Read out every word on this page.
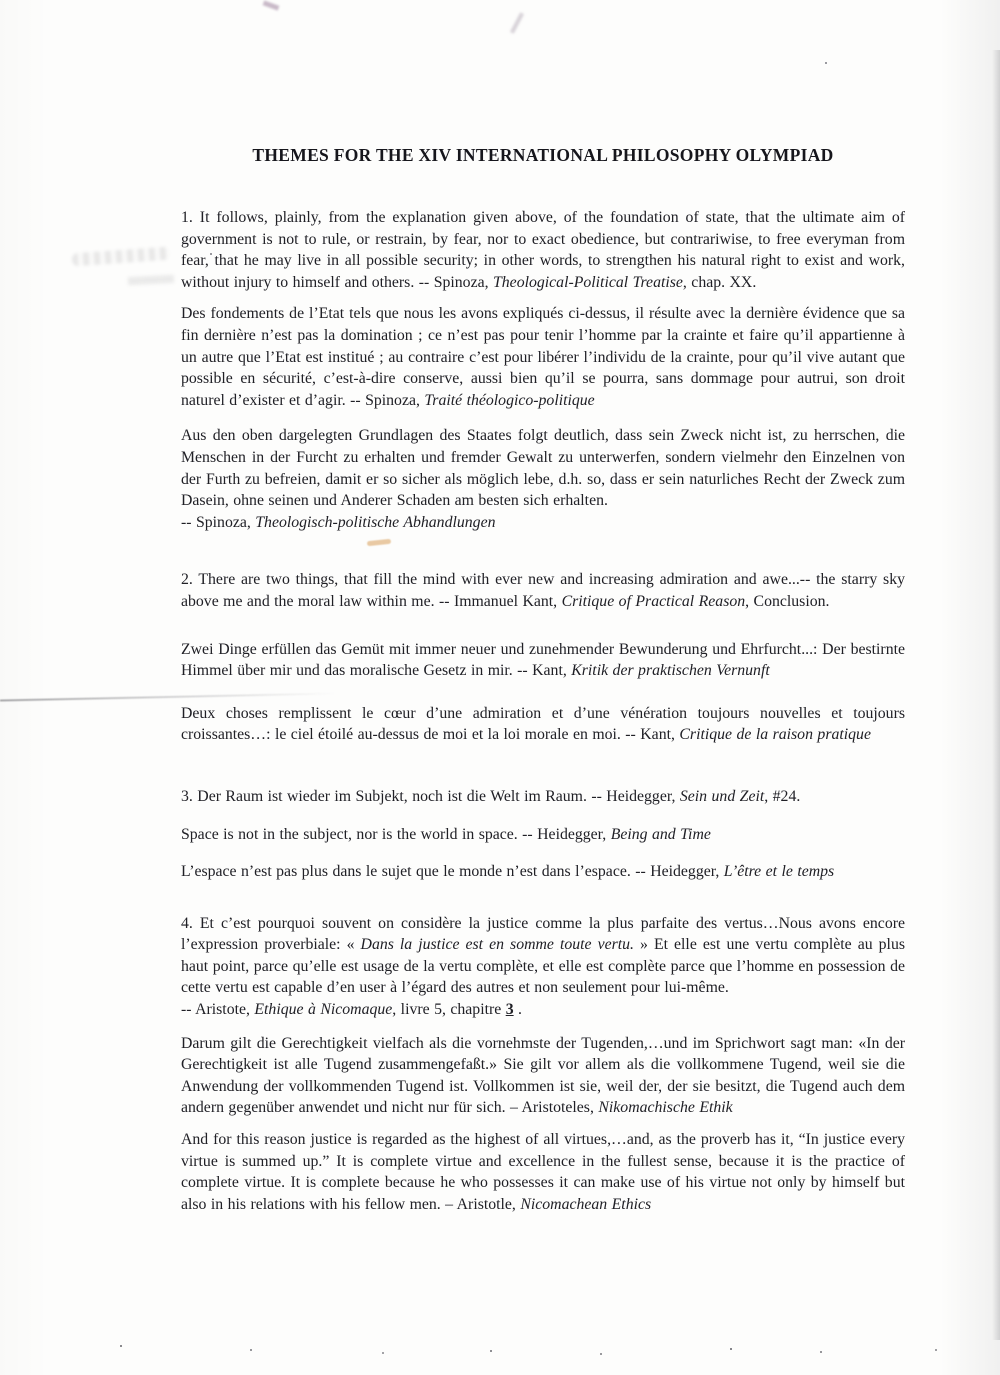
THEMES FOR THE XIV INTERNATIONAL PHILOSOPHY OLYMPIAD

1. It follows, plainly, from the explanation given above, of the foundation of state, that the ultimate aim of government is not to rule, or restrain, by fear, nor to exact obedience, but contrariwise, to free everyman from fear, that he may live in all possible security; in other words, to strengthen his natural right to exist and work, without injury to himself and others. -- Spinoza, Theological-Political Treatise, chap. XX.

Des fondements de l’Etat tels que nous les avons expliqués ci-dessus, il résulte avec la dernière évidence que sa fin dernière n’est pas la domination ; ce n’est pas pour tenir l’homme par la crainte et faire qu’il appartienne à un autre que l’Etat est institué ; au contraire c’est pour libérer l’individu de la crainte, pour qu’il vive autant que possible en sécurité, c’est-à-dire conserve, aussi bien qu’il se pourra, sans dommage pour autrui, son droit naturel d’exister et d’agir. -- Spinoza, Traité théologico-politique

Aus den oben dargelegten Grundlagen des Staates folgt deutlich, dass sein Zweck nicht ist, zu herrschen, die Menschen in der Furcht zu erhalten und fremder Gewalt zu unterwerfen, sondern vielmehr den Einzelnen von der Furth zu befreien, damit er so sicher als möglich lebe, d.h. so, dass er sein naturliches Recht der Zweck zum Dasein, ohne seinen und Anderer Schaden am besten sich erhalten.
-- Spinoza, Theologisch-politische Abhandlungen

2. There are two things, that fill the mind with ever new and increasing admiration and awe...-- the starry sky above me and the moral law within me. -- Immanuel Kant, Critique of Practical Reason, Conclusion.

Zwei Dinge erfüllen das Gemüt mit immer neuer und zunehmender Bewunderung und Ehrfurcht...: Der bestirnte Himmel über mir und das moralische Gesetz in mir. -- Kant, Kritik der praktischen Vernunft

Deux choses remplissent le cœur d’une admiration et d’une vénération toujours nouvelles et toujours croissantes…: le ciel étoilé au-dessus de moi et la loi morale en moi. -- Kant, Critique de la raison pratique

3. Der Raum ist wieder im Subjekt, noch ist die Welt im Raum. -- Heidegger, Sein und Zeit, #24.

Space is not in the subject, nor is the world in space. -- Heidegger, Being and Time

L’espace n’est pas plus dans le sujet que le monde n’est dans l’espace. -- Heidegger, L’être et le temps

4. Et c’est pourquoi souvent on considère la justice comme la plus parfaite des vertus…Nous avons encore l’expression proverbiale: « Dans la justice est en somme toute vertu. » Et elle est une vertu complète au plus haut point, parce qu’elle est usage de la vertu complète, et elle est complète parce que l’homme en possession de cette vertu est capable d’en user à l’égard des autres et non seulement pour lui-même.
-- Aristote, Ethique à Nicomaque, livre 5, chapitre 3 .

Darum gilt die Gerechtigkeit vielfach als die vornehmste der Tugenden,…und im Sprichwort sagt man: «In der Gerechtigkeit ist alle Tugend zusammengefaßt.» Sie gilt vor allem als die vollkommene Tugend, weil sie die Anwendung der vollkommenden Tugend ist. Vollkommen ist sie, weil der, der sie besitzt, die Tugend auch dem andern gegenüber anwendet und nicht nur für sich. – Aristoteles, Nikomachische Ethik

And for this reason justice is regarded as the highest of all virtues,…and, as the proverb has it, “In justice every virtue is summed up.” It is complete virtue and excellence in the fullest sense, because it is the practice of complete virtue. It is complete because he who possesses it can make use of his virtue not only by himself but also in his relations with his fellow men. – Aristotle, Nicomachean Ethics
